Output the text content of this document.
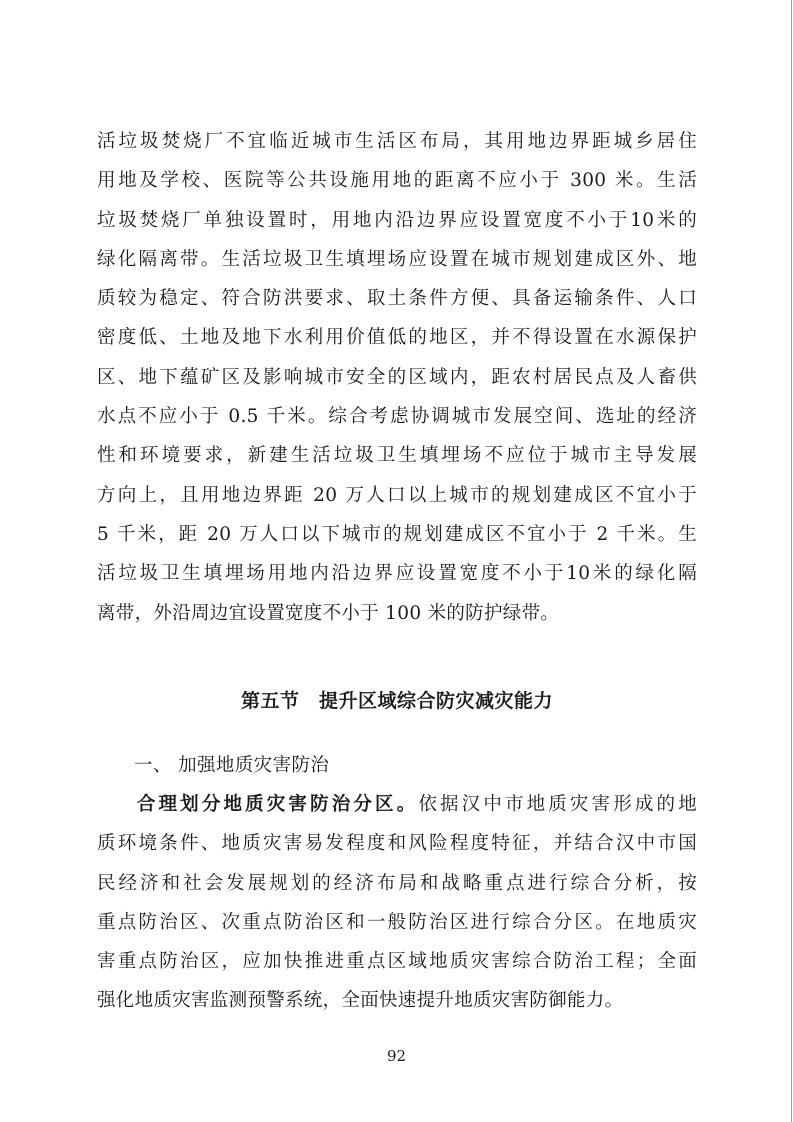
活垃圾焚烧厂不宜临近城市生活区布局，其用地边界距城乡居住
用地及学校、医院等公共设施用地的距离不应小于 300 米。生活
垃圾焚烧厂单独设置时，用地内沿边界应设置宽度不小于10米的
绿化隔离带。生活垃圾卫生填埋场应设置在城市规划建成区外、地
质较为稳定、符合防洪要求、取土条件方便、具备运输条件、人口
密度低、土地及地下水利用价值低的地区，并不得设置在水源保护
区、地下蕴矿区及影响城市安全的区域内，距农村居民点及人畜供
水点不应小于 0.5 千米。综合考虑协调城市发展空间、选址的经济
性和环境要求，新建生活垃圾卫生填埋场不应位于城市主导发展
方向上，且用地边界距 20 万人口以上城市的规划建成区不宜小于
5 千米，距 20 万人口以下城市的规划建成区不宜小于 2 千米。生
活垃圾卫生填埋场用地内沿边界应设置宽度不小于10米的绿化隔
离带，外沿周边宜设置宽度不小于 100 米的防护绿带。
第五节　提升区域综合防灾减灾能力
一、 加强地质灾害防治
合理划分地质灾害防治分区。依据汉中市地质灾害形成的地
质环境条件、地质灾害易发程度和风险程度特征，并结合汉中市国
民经济和社会发展规划的经济布局和战略重点进行综合分析，按
重点防治区、次重点防治区和一般防治区进行综合分区。在地质灾
害重点防治区，应加快推进重点区域地质灾害综合防治工程；全面
强化地质灾害监测预警系统，全面快速提升地质灾害防御能力。
92
